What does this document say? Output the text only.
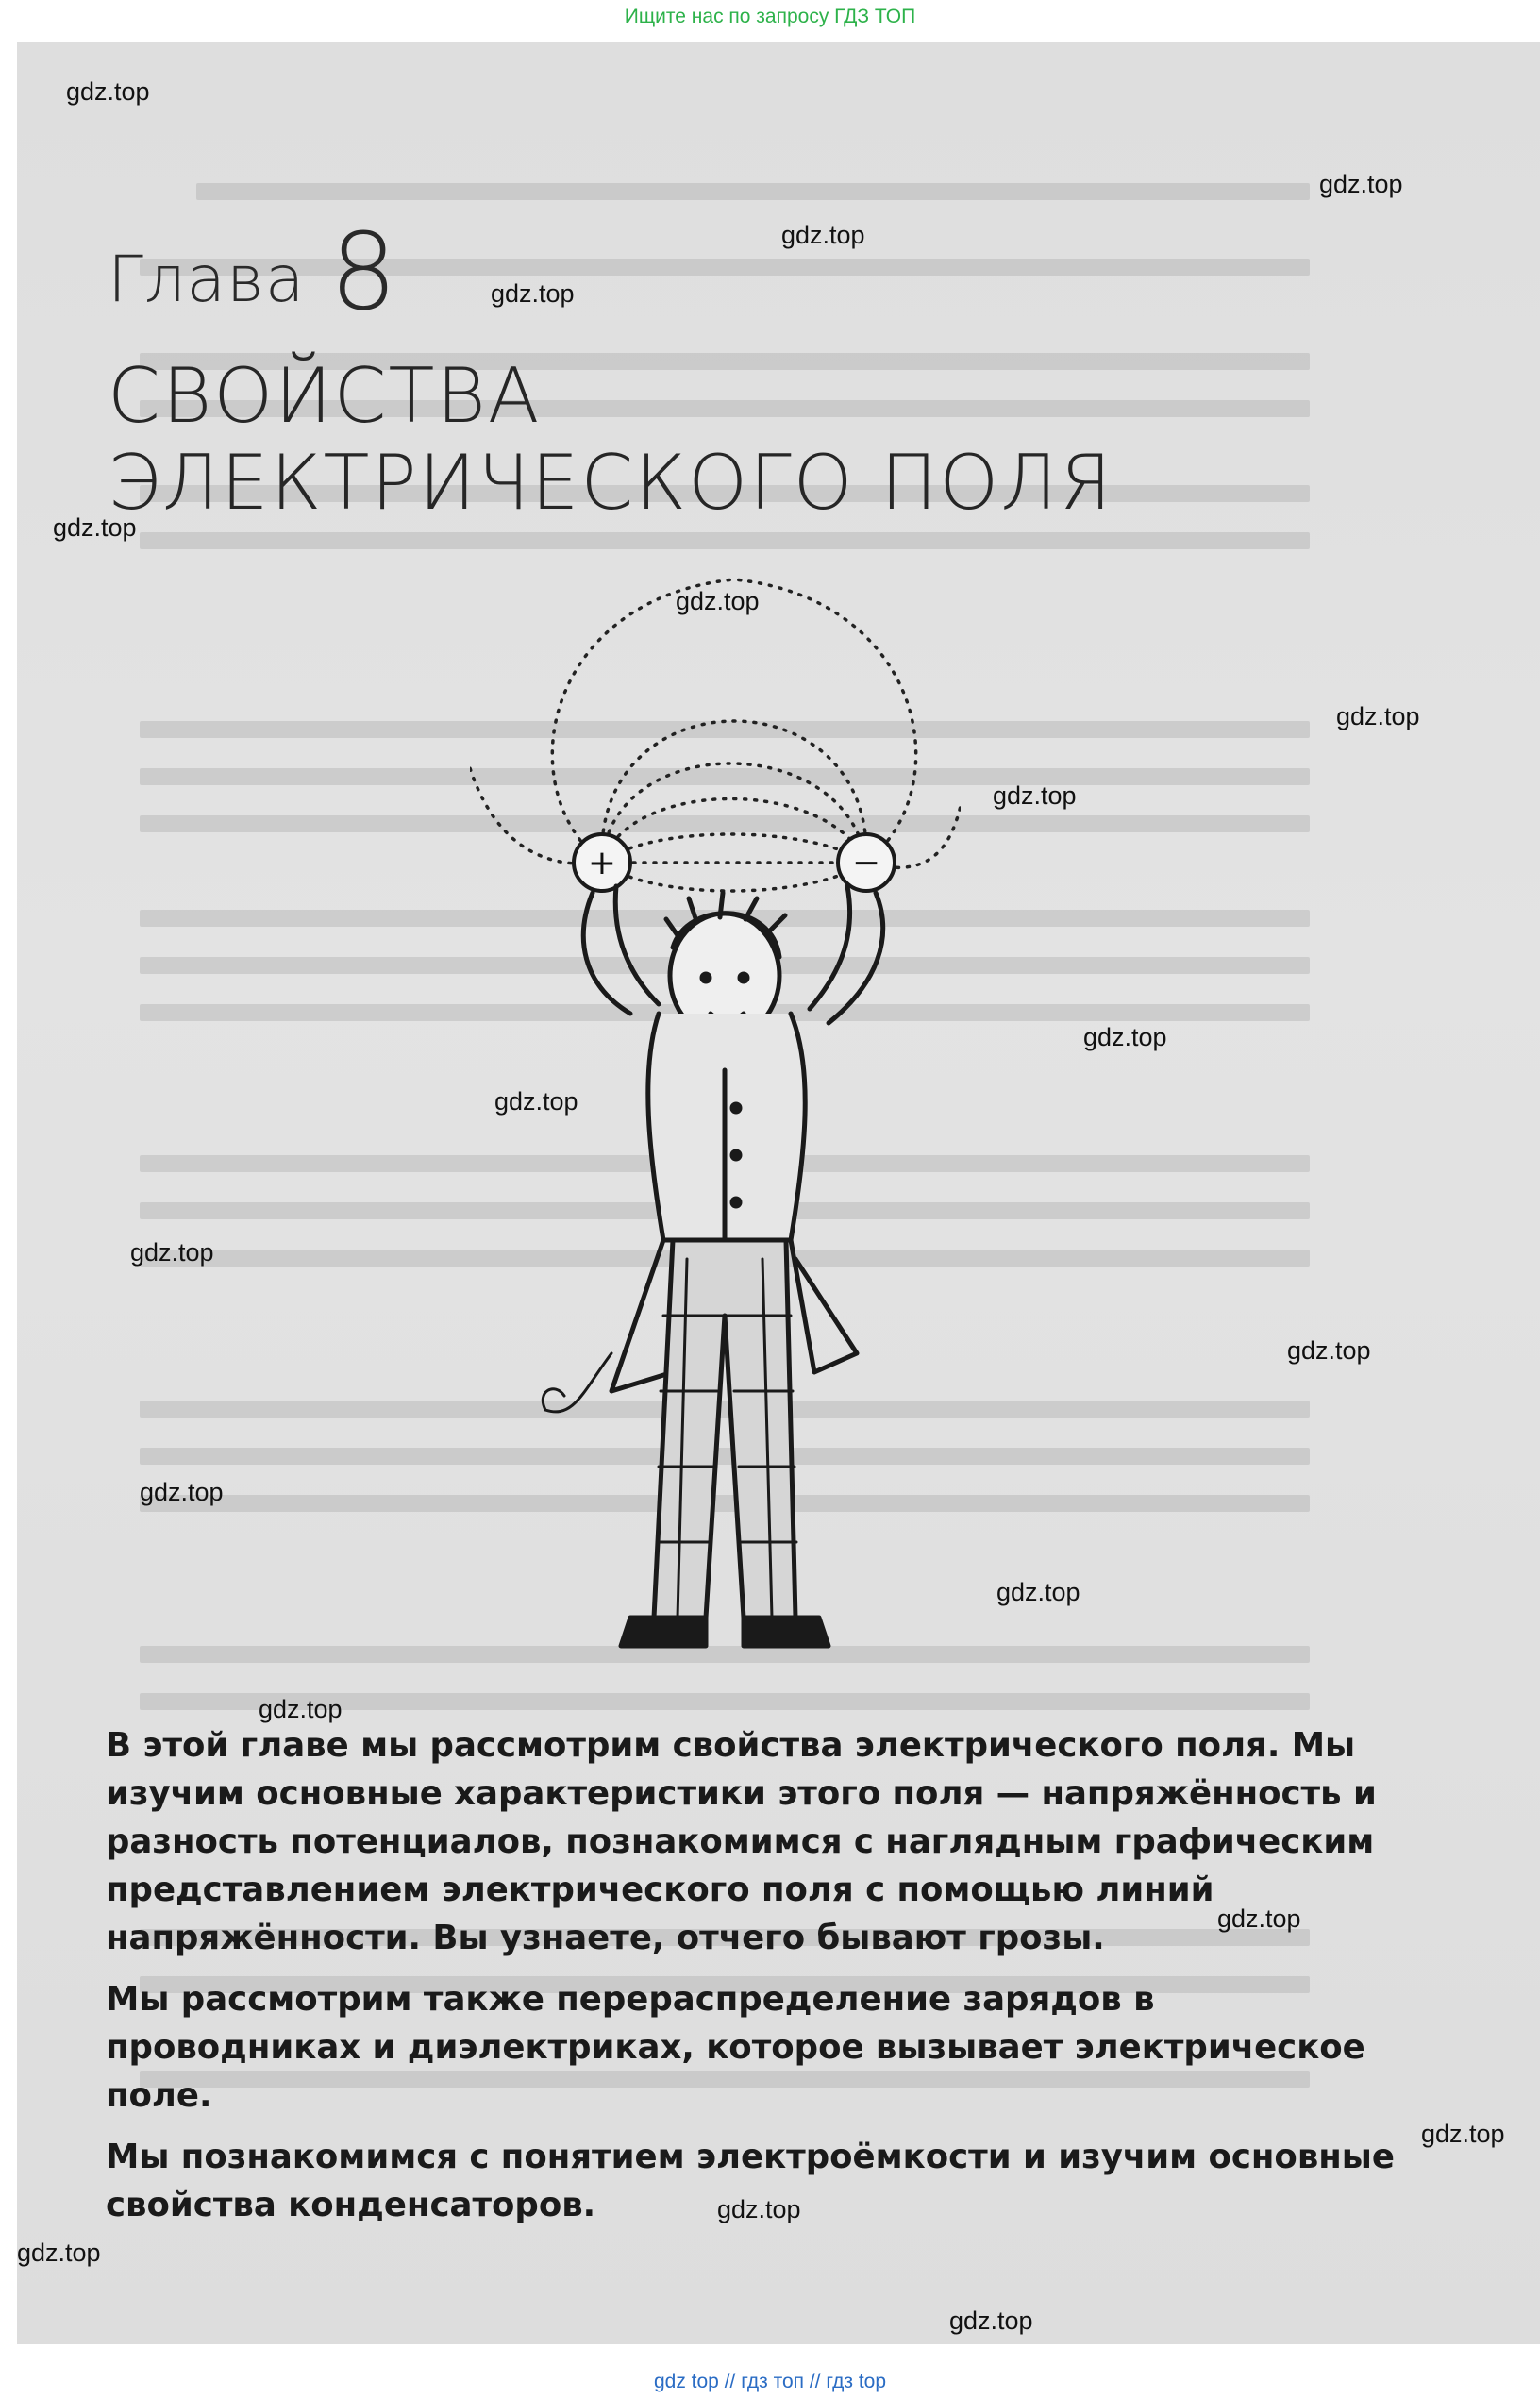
Ищите нас по запросу ГДЗ ТОП
Глава 8
СВОЙСТВА
ЭЛЕКТРИЧЕСКОГО ПОЛЯ
+	−

В этой главе мы рассмотрим свойства электрического поля. Мы изучим основные характеристики этого поля — напряжённость и разность потенциалов, познакомимся с наглядным графическим представлением электрического поля с помощью линий напряжённости. Вы узнаете, отчего бывают грозы.

Мы рассмотрим также перераспределение зарядов в проводниках и диэлектриках, которое вызывает электрическое поле.

Мы познакомимся с понятием электроёмкости и изучим основные свойства конденсаторов.

gdz.top
gdz.top
gdz.top
gdz.top
gdz.top
gdz.top
gdz.top
gdz.top
gdz.top
gdz.top
gdz.top
gdz.top
gdz.top
gdz.top
gdz.top
gdz.top
gdz.top
gdz.top
gdz.top
gdz.top
gdz top // гдз топ // гдз top
